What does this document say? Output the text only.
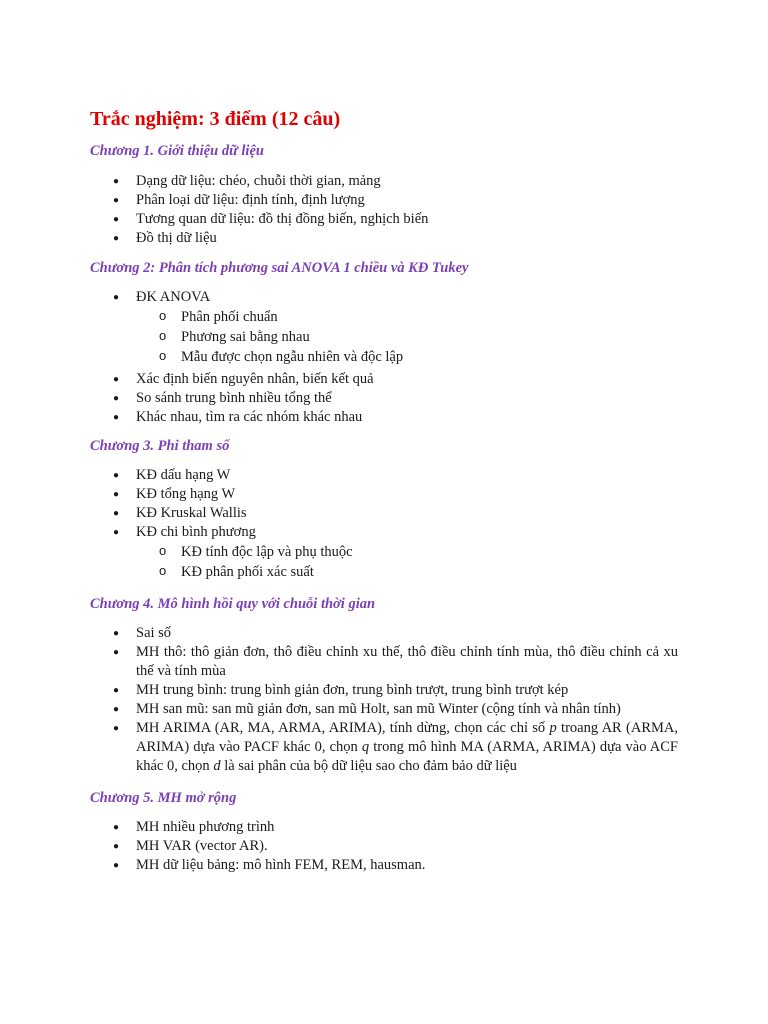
Trắc nghiệm: 3 điểm (12 câu)
Chương 1. Giới thiệu dữ liệu
● Dạng dữ liệu: chéo, chuỗi thời gian, mảng
● Phân loại dữ liệu: định tính, định lượng
● Tương quan dữ liệu: đồ thị đồng biến, nghịch biến
● Đồ thị dữ liệu
Chương 2: Phân tích phương sai ANOVA 1 chiều và KĐ Tukey
● ĐK ANOVA
o Phân phối chuẩn
o Phương sai bằng nhau
o Mẫu được chọn ngẫu nhiên và độc lập
● Xác định biến nguyên nhân, biến kết quả
● So sánh trung bình nhiều tổng thể
● Khác nhau, tìm ra các nhóm khác nhau
Chương 3. Phi tham số
● KĐ dấu hạng W
● KĐ tổng hạng W
● KĐ Kruskal Wallis
● KĐ chi bình phương
o KĐ tính độc lập và phụ thuộc
o KĐ phân phối xác suất
Chương 4. Mô hình hồi quy với chuỗi thời gian
● Sai số
● MH thô: thô giản đơn, thô điều chỉnh xu thế, thô điều chỉnh tính mùa, thô điều chỉnh cả xu thế và tính mùa
● MH trung bình: trung bình giản đơn, trung bình trượt, trung bình trượt kép
● MH san mũ: san mũ giản đơn, san mũ Holt, san mũ Winter (cộng tính và nhân tính)
● MH ARIMA (AR, MA, ARMA, ARIMA), tính dừng, chọn các chỉ số p troang AR (ARMA, ARIMA) dựa vào PACF khác 0, chọn q trong mô hình MA (ARMA, ARIMA) dựa vào ACF khác 0, chọn d là sai phân của bộ dữ liệu sao cho đảm bảo dữ liệu
Chương 5. MH mở rộng
● MH nhiều phương trình
● MH VAR (vector AR).
● MH dữ liệu bảng: mô hình FEM, REM, hausman.
